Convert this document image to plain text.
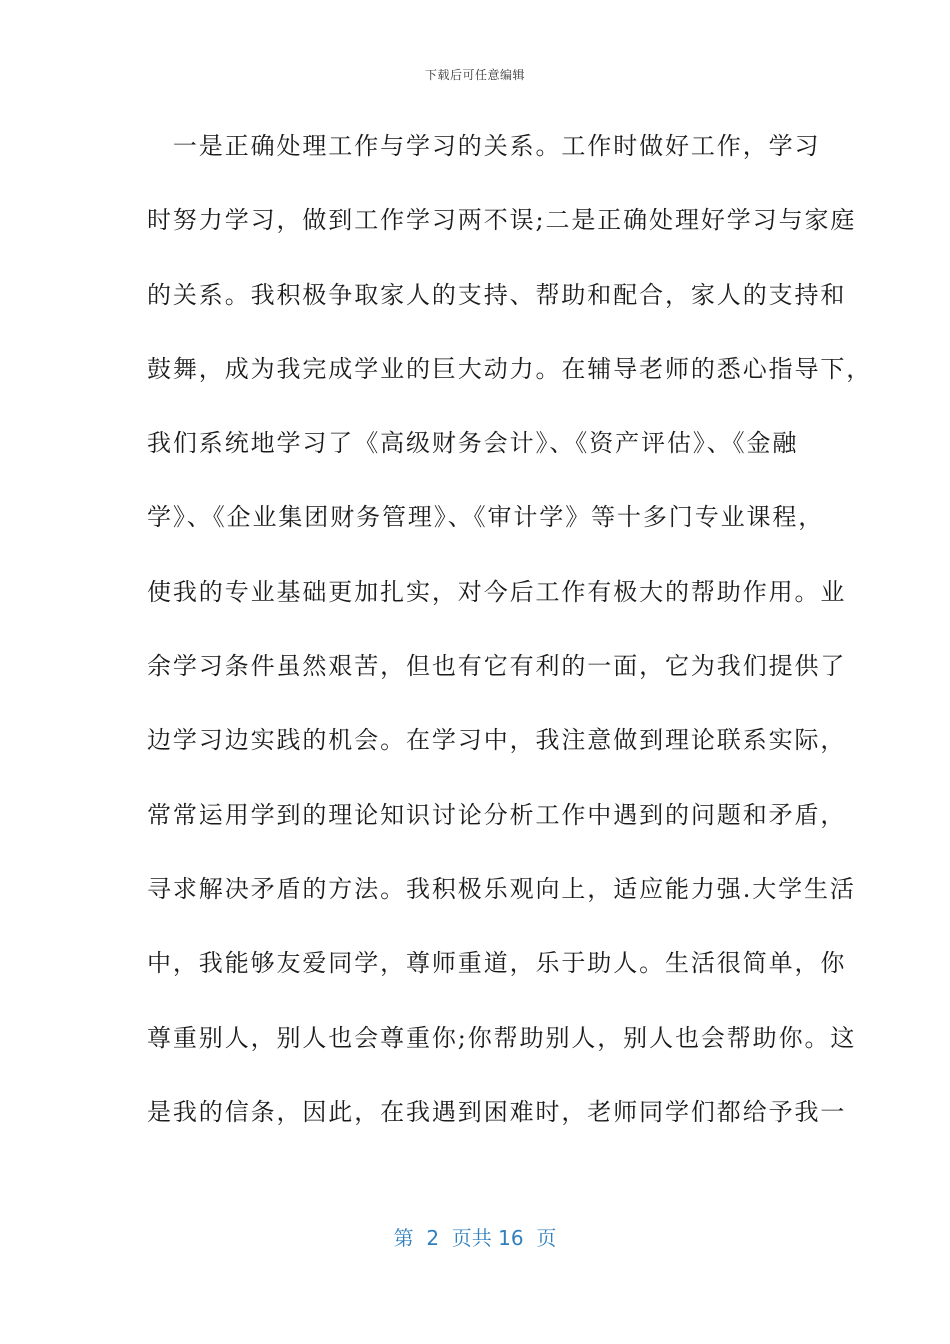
下载后可任意编辑
　一是正确处理工作与学习的关系。工作时做好工作，学习
时努力学习，做到工作学习两不误;二是正确处理好学习与家庭
的关系。我积极争取家人的支持、帮助和配合，家人的支持和
鼓舞，成为我完成学业的巨大动力。在辅导老师的悉心指导下，
我们系统地学习了《高级财务会计》、《资产评估》、《金融
学》、《企业集团财务管理》、《审计学》等十多门专业课程，
使我的专业基础更加扎实，对今后工作有极大的帮助作用。业
余学习条件虽然艰苦，但也有它有利的一面，它为我们提供了
边学习边实践的机会。在学习中，我注意做到理论联系实际，
常常运用学到的理论知识讨论分析工作中遇到的问题和矛盾，
寻求解决矛盾的方法。我积极乐观向上，适应能力强.大学生活
中，我能够友爱同学，尊师重道，乐于助人。生活很简单，你
尊重别人，别人也会尊重你;你帮助别人，别人也会帮助你。这
是我的信条，因此，在我遇到困难时，老师同学们都给予我一
第  2  页共 16  页
